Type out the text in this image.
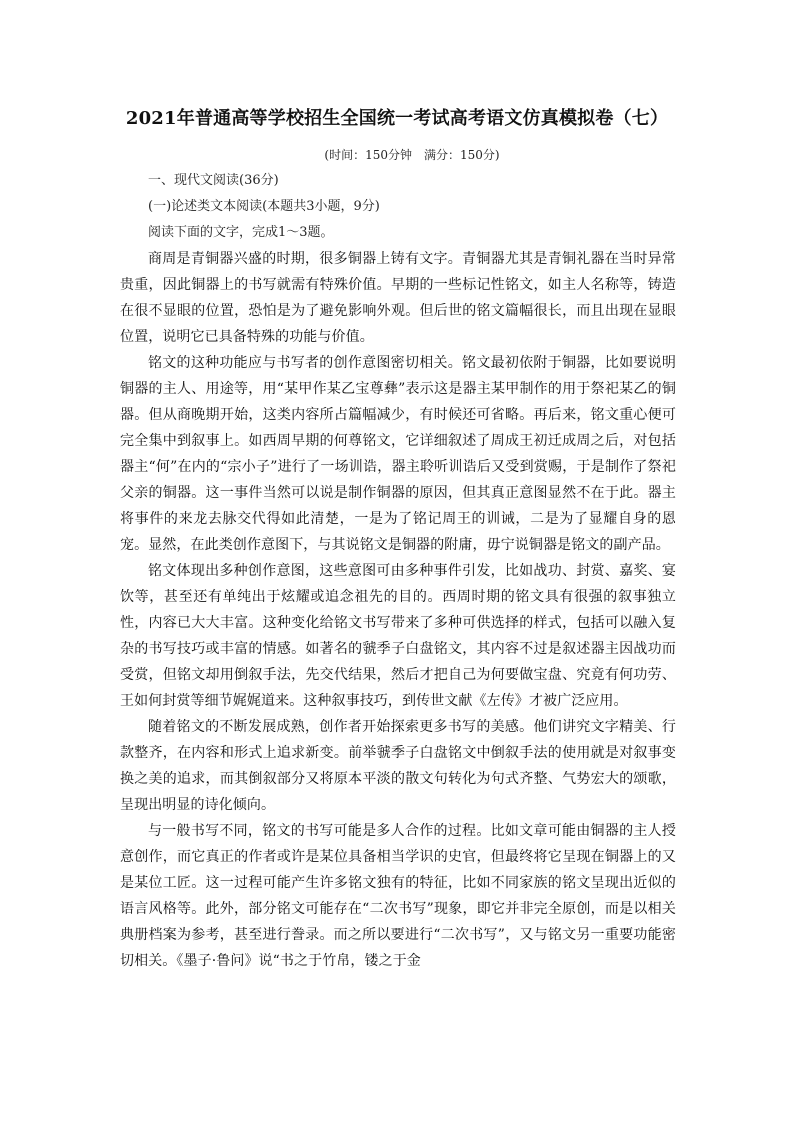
2021年普通高等学校招生全国统一考试高考语文仿真模拟卷（七）
(时间：150分钟　满分：150分)

一、现代文阅读(36分)

(一)论述类文本阅读(本题共3小题，9分)

阅读下面的文字，完成1～3题。

商周是青铜器兴盛的时期，很多铜器上铸有文字。青铜器尤其是青铜礼器在当时异常贵重，因此铜器上的书写就需有特殊价值。早期的一些标记性铭文，如主人名称等，铸造在很不显眼的位置，恐怕是为了避免影响外观。但后世的铭文篇幅很长，而且出现在显眼位置，说明它已具备特殊的功能与价值。

铭文的这种功能应与书写者的创作意图密切相关。铭文最初依附于铜器，比如要说明铜器的主人、用途等，用“某甲作某乙宝尊彝”表示这是器主某甲制作的用于祭祀某乙的铜器。但从商晚期开始，这类内容所占篇幅减少，有时候还可省略。再后来，铭文重心便可完全集中到叙事上。如西周早期的何尊铭文，它详细叙述了周成王初迁成周之后，对包括器主“何”在内的“宗小子”进行了一场训诰，器主聆听训诰后又受到赏赐，于是制作了祭祀父亲的铜器。这一事件当然可以说是制作铜器的原因，但其真正意图显然不在于此。器主将事件的来龙去脉交代得如此清楚，一是为了铭记周王的训诫，二是为了显耀自身的恩宠。显然，在此类创作意图下，与其说铭文是铜器的附庸，毋宁说铜器是铭文的副产品。

铭文体现出多种创作意图，这些意图可由多种事件引发，比如战功、封赏、嘉奖、宴饮等，甚至还有单纯出于炫耀或追念祖先的目的。西周时期的铭文具有很强的叙事独立性，内容已大大丰富。这种变化给铭文书写带来了多种可供选择的样式，包括可以融入复杂的书写技巧或丰富的情感。如著名的虢季子白盘铭文，其内容不过是叙述器主因战功而受赏，但铭文却用倒叙手法，先交代结果，然后才把自己为何要做宝盘、究竟有何功劳、王如何封赏等细节娓娓道来。这种叙事技巧，到传世文献《左传》才被广泛应用。

随着铭文的不断发展成熟，创作者开始探索更多书写的美感。他们讲究文字精美、行款整齐，在内容和形式上追求新变。前举虢季子白盘铭文中倒叙手法的使用就是对叙事变换之美的追求，而其倒叙部分又将原本平淡的散文句转化为句式齐整、气势宏大的颂歌，呈现出明显的诗化倾向。

与一般书写不同，铭文的书写可能是多人合作的过程。比如文章可能由铜器的主人授意创作，而它真正的作者或许是某位具备相当学识的史官，但最终将它呈现在铜器上的又是某位工匠。这一过程可能产生许多铭文独有的特征，比如不同家族的铭文呈现出近似的语言风格等。此外，部分铭文可能存在“二次书写”现象，即它并非完全原创，而是以相关典册档案为参考，甚至进行誊录。而之所以要进行“二次书写”，又与铭文另一重要功能密切相关。《墨子·鲁问》说“书之于竹帛，镂之于金
